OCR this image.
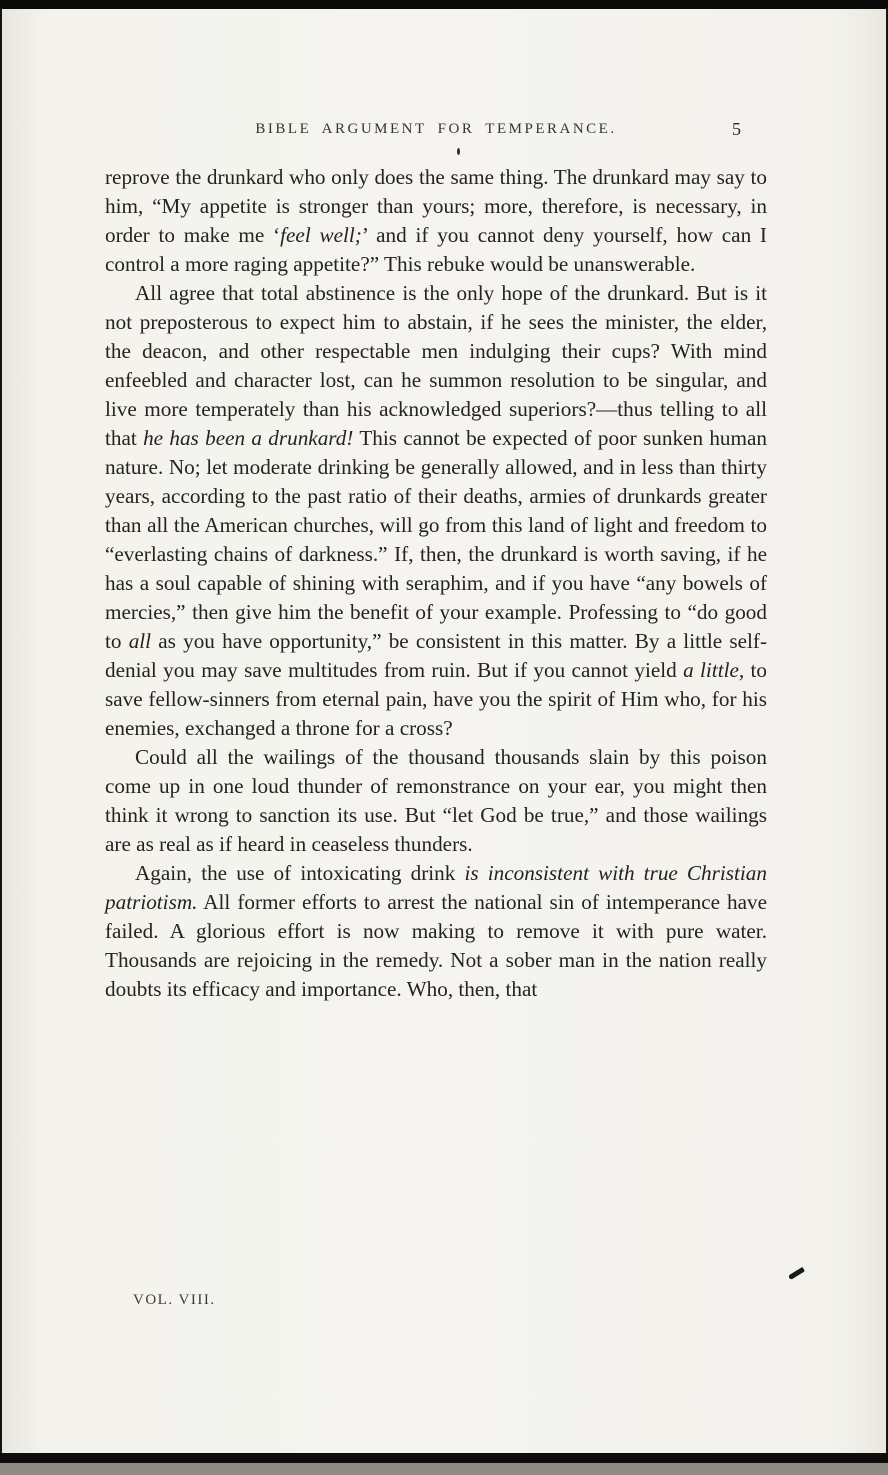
BIBLE ARGUMENT FOR TEMPERANCE.	5

reprove the drunkard who only does the same thing. The drunkard may say to him, “My appetite is stronger than yours; more, therefore, is necessary, in order to make me ‘feel well;’ and if you cannot deny yourself, how can I control a more raging appetite?” This rebuke would be unanswerable.

All agree that total abstinence is the only hope of the drunkard. But is it not preposterous to expect him to abstain, if he sees the minister, the elder, the deacon, and other respectable men indulging their cups? With mind enfeebled and character lost, can he summon resolution to be singular, and live more temperately than his acknowledged superiors?—thus telling to all that he has been a drunkard! This cannot be expected of poor sunken human nature. No; let moderate drinking be generally allowed, and in less than thirty years, according to the past ratio of their deaths, armies of drunkards greater than all the American churches, will go from this land of light and freedom to “everlasting chains of darkness.” If, then, the drunkard is worth saving, if he has a soul capable of shining with seraphim, and if you have “any bowels of mercies,” then give him the benefit of your example. Professing to “do good to all as you have opportunity,” be consistent in this matter. By a little self-denial you may save multitudes from ruin. But if you cannot yield a little, to save fellow-sinners from eternal pain, have you the spirit of Him who, for his enemies, exchanged a throne for a cross?

Could all the wailings of the thousand thousands slain by this poison come up in one loud thunder of remonstrance on your ear, you might then think it wrong to sanction its use. But “let God be true,” and those wailings are as real as if heard in ceaseless thunders.

Again, the use of intoxicating drink is inconsistent with true Christian patriotism. All former efforts to arrest the national sin of intemperance have failed. A glorious effort is now making to remove it with pure water. Thousands are rejoicing in the remedy. Not a sober man in the nation really doubts its efficacy and importance. Who, then, that

VOL. VIII.
